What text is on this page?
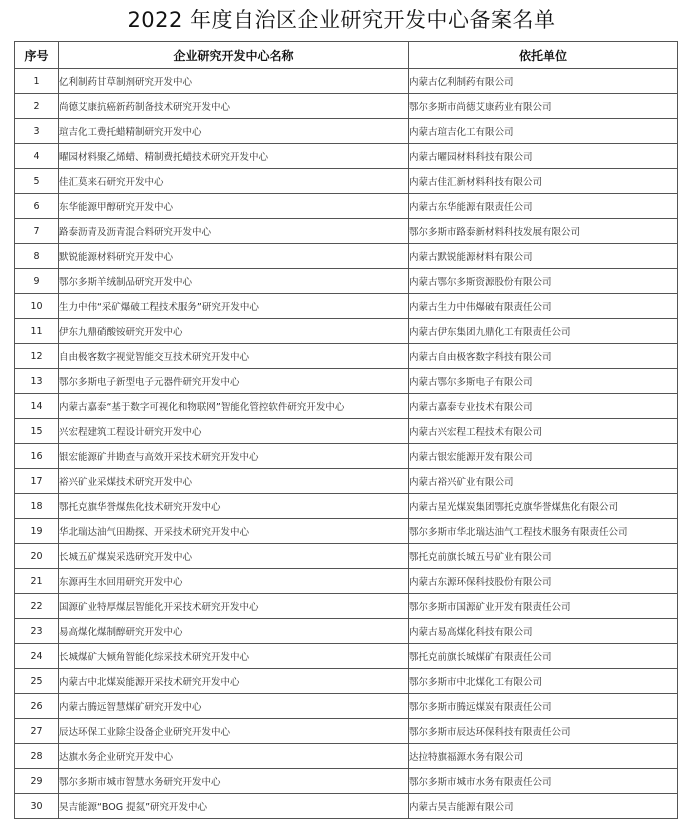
2022 年度自治区企业研究开发中心备案名单
序号	企业研究开发中心名称	依托单位
1	亿利制药甘草制剂研究开发中心	内蒙古亿利制药有限公司
2	尚德艾康抗癌新药制备技术研究开发中心	鄂尔多斯市尚德艾康药业有限公司
3	瑄吉化工费托蜡精制研究开发中心	内蒙古瑄吉化工有限公司
4	曜园材料聚乙烯蜡、精制费托蜡技术研究开发中心	内蒙古曜园材料科技有限公司
5	佳汇莫来石研究开发中心	内蒙古佳汇新材料科技有限公司
6	东华能源甲醇研究开发中心	内蒙古东华能源有限责任公司
7	路泰沥青及沥青混合料研究开发中心	鄂尔多斯市路泰新材料科技发展有限公司
8	默锐能源材料研究开发中心	内蒙古默锐能源材料有限公司
9	鄂尔多斯羊绒制品研究开发中心	内蒙古鄂尔多斯资源股份有限公司
10	生力中伟“采矿爆破工程技术服务”研究开发中心	内蒙古生力中伟爆破有限责任公司
11	伊东九鼎硝酸铵研究开发中心	内蒙古伊东集团九鼎化工有限责任公司
12	自由极客数字视觉智能交互技术研究开发中心	内蒙古自由极客数字科技有限公司
13	鄂尔多斯电子新型电子元器件研究开发中心	内蒙古鄂尔多斯电子有限公司
14	内蒙古嘉泰“基于数字可视化和物联网”智能化管控软件研究开发中心	内蒙古嘉泰专业技术有限公司
15	兴宏程建筑工程设计研究开发中心	内蒙古兴宏程工程技术有限公司
16	银宏能源矿井勘查与高效开采技术研究开发中心	内蒙古银宏能源开发有限公司
17	裕兴矿业采煤技术研究开发中心	内蒙古裕兴矿业有限公司
18	鄂托克旗华誉煤焦化技术研究开发中心	内蒙古星光煤炭集团鄂托克旗华誉煤焦化有限公司
19	华北瑞达油气田勘探、开采技术研究开发中心	鄂尔多斯市华北瑞达油气工程技术服务有限责任公司
20	长城五矿煤炭采选研究开发中心	鄂托克前旗长城五号矿业有限公司
21	东源再生水回用研究开发中心	内蒙古东源环保科技股份有限公司
22	国源矿业特厚煤层智能化开采技术研究开发中心	鄂尔多斯市国源矿业开发有限责任公司
23	易高煤化煤制醇研究开发中心	内蒙古易高煤化科技有限公司
24	长城煤矿大倾角智能化综采技术研究开发中心	鄂托克前旗长城煤矿有限责任公司
25	内蒙古中北煤炭能源开采技术研究开发中心	鄂尔多斯市中北煤化工有限公司
26	内蒙古腾远智慧煤矿研究开发中心	鄂尔多斯市腾远煤炭有限责任公司
27	辰达环保工业除尘设备企业研究开发中心	鄂尔多斯市辰达环保科技有限责任公司
28	达旗水务企业研究开发中心	达拉特旗福源水务有限公司
29	鄂尔多斯市城市智慧水务研究开发中心	鄂尔多斯市城市水务有限责任公司
30	昊吉能源“BOG 提氦”研究开发中心	内蒙古昊吉能源有限公司
